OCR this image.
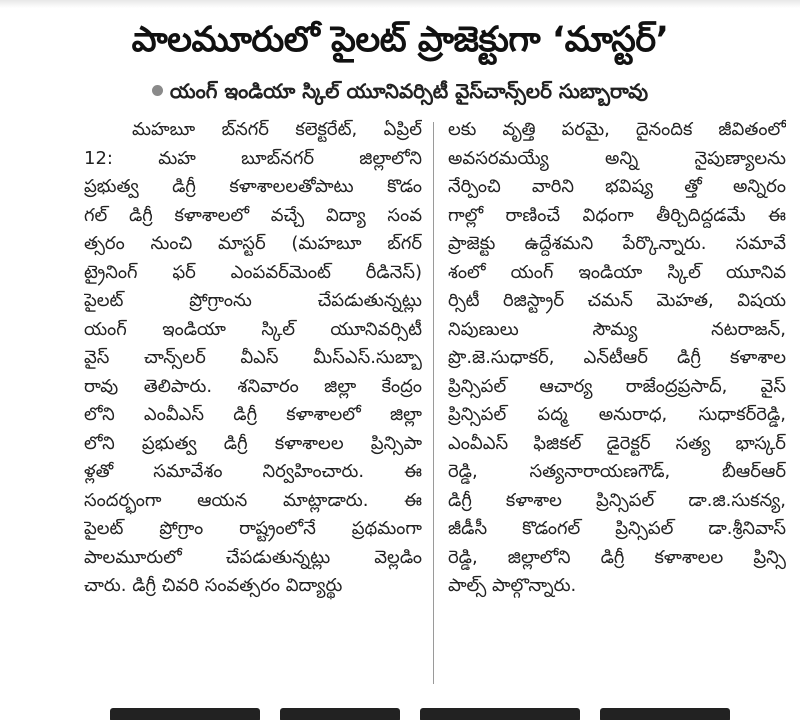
పాలమూరులో పైలట్ ప్రాజెక్టుగా ‘మాస్టర్’
యంగ్ ఇండియా స్కిల్ యూనివర్సిటీ వైస్‌చాన్స్‌లర్ సుబ్బారావు
మహబూ బ్‌నగర్ కలెక్టరేట్, ఏప్రిల్
12: మహ బూబ్‌నగర్ జిల్లాలోని
ప్రభుత్వ డిగ్రీ కళాశాలలతోపాటు కొడం
గల్ డిగ్రీ కళాశాలలో వచ్చే విద్యా సంవ
త్సరం నుంచి మాస్టర్ (మహబూ బ్‌గర్
ట్రైనింగ్ ఫర్ ఎంపవర్‌మెంట్ రీడినెస్)
పైలట్ ప్రోగ్రాంను చేపడుతున్నట్లు
యంగ్ ఇండియా స్కిల్ యూనివర్సిటీ
వైస్ చాన్స్‌లర్ వీఎస్ మీస్‌ఎస్.సుబ్బా
రావు తెలిపారు. శనివారం జిల్లా కేంద్రం
లోని ఎంవీఎస్ డిగ్రీ కళాశాలలో జిల్లా
లోని ప్రభుత్వ డిగ్రీ కళాశాలల ప్రిన్సిపా
ళ్లతో సమావేశం నిర్వహించారు. ఈ
సందర్భంగా ఆయన మాట్లాడారు. ఈ
పైలట్ ప్రోగ్రాం రాష్ట్రంలోనే ప్రథమంగా
పాలమూరులో చేపడుతున్నట్లు వెల్లడిం
చారు. డిగ్రీ చివరి సంవత్సరం విద్యార్థు
లకు వృత్తి పరమై, దైనందిక జీవితంలో
అవసరమయ్యే అన్ని నైపుణ్యాలను
నేర్పించి వారిని భవిష్య త్తో అన్నిరం
గాల్లో రాణించే విధంగా తీర్చిదిద్దడమే ఈ
ప్రాజెక్టు ఉద్దేశమని పేర్కొన్నారు. సమావే
శంలో యంగ్ ఇండియా స్కిల్ యూనివ
ర్సిటీ రిజిస్ట్రార్ చమన్ మెహత, విషయ
నిపుణులు సౌమ్య నటరాజన్,
ప్రొ.జె.సుధాకర్, ఎన్‌టీఆర్ డిగ్రీ కళాశాల
ప్రిన్సిపల్ ఆచార్య రాజేంద్రప్రసాద్, వైస్
ప్రిన్సిపల్ పద్మ అనురాధ, సుధాకర్‌రెడ్డి,
ఎంవీఎస్ ఫిజికల్ డైరెక్టర్ సత్య భాస్కర్
రెడ్డి, సత్యనారాయణగౌడ్, బీఆర్‌ఆర్
డిగ్రీ కళాశాల ప్రిన్సిపల్ డా.జి.సుకన్య,
జీడీసీ కొడంగల్ ప్రిన్సిపల్ డా.శ్రీనివాస్
రెడ్డి, జిల్లాలోని డిగ్రీ కళాశాలల ప్రిన్సి
పాల్స్ పాల్గొన్నారు.
